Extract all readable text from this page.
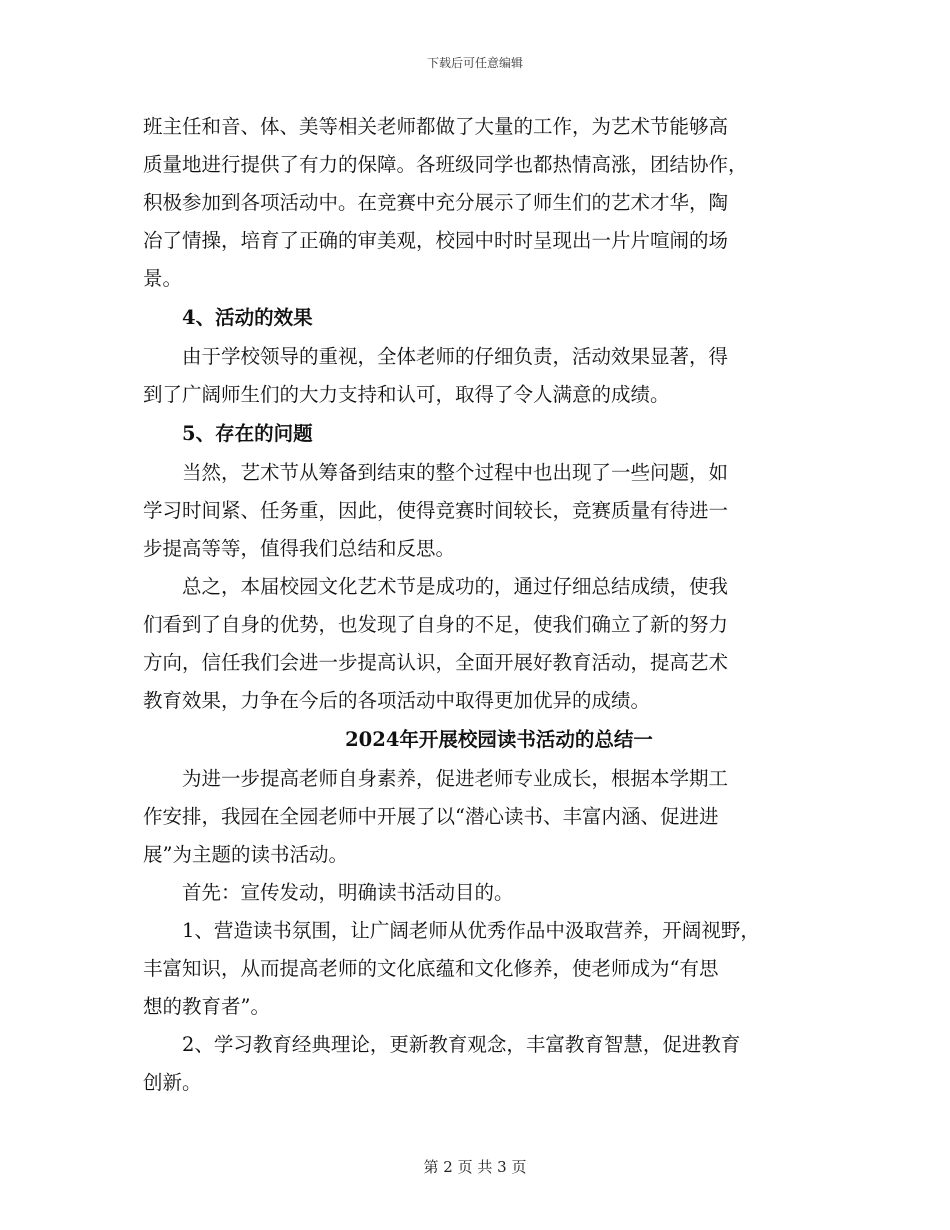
下载后可任意编辑
班主任和音、体、美等相关老师都做了大量的工作，为艺术节能够高
质量地进行提供了有力的保障。各班级同学也都热情高涨，团结协作，
积极参加到各项活动中。在竞赛中充分展示了师生们的艺术才华，陶
冶了情操，培育了正确的审美观，校园中时时呈现出一片片喧闹的场
景。
4、活动的效果
由于学校领导的重视，全体老师的仔细负责，活动效果显著，得
到了广阔师生们的大力支持和认可，取得了令人满意的成绩。
5、存在的问题
当然，艺术节从筹备到结束的整个过程中也出现了一些问题，如
学习时间紧、任务重，因此，使得竞赛时间较长，竞赛质量有待进一
步提高等等，值得我们总结和反思。
总之，本届校园文化艺术节是成功的，通过仔细总结成绩，使我
们看到了自身的优势，也发现了自身的不足，使我们确立了新的努力
方向，信任我们会进一步提高认识，全面开展好教育活动，提高艺术
教育效果，力争在今后的各项活动中取得更加优异的成绩。
2024年开展校园读书活动的总结一
为进一步提高老师自身素养，促进老师专业成长，根据本学期工
作安排，我园在全园老师中开展了以“潜心读书、丰富内涵、促进进
展”为主题的读书活动。
首先：宣传发动，明确读书活动目的。
1、营造读书氛围，让广阔老师从优秀作品中汲取营养，开阔视野，
丰富知识，从而提高老师的文化底蕴和文化修养，使老师成为“有思
想的教育者”。
2、学习教育经典理论，更新教育观念，丰富教育智慧，促进教育
创新。
第 2 页 共 3 页
